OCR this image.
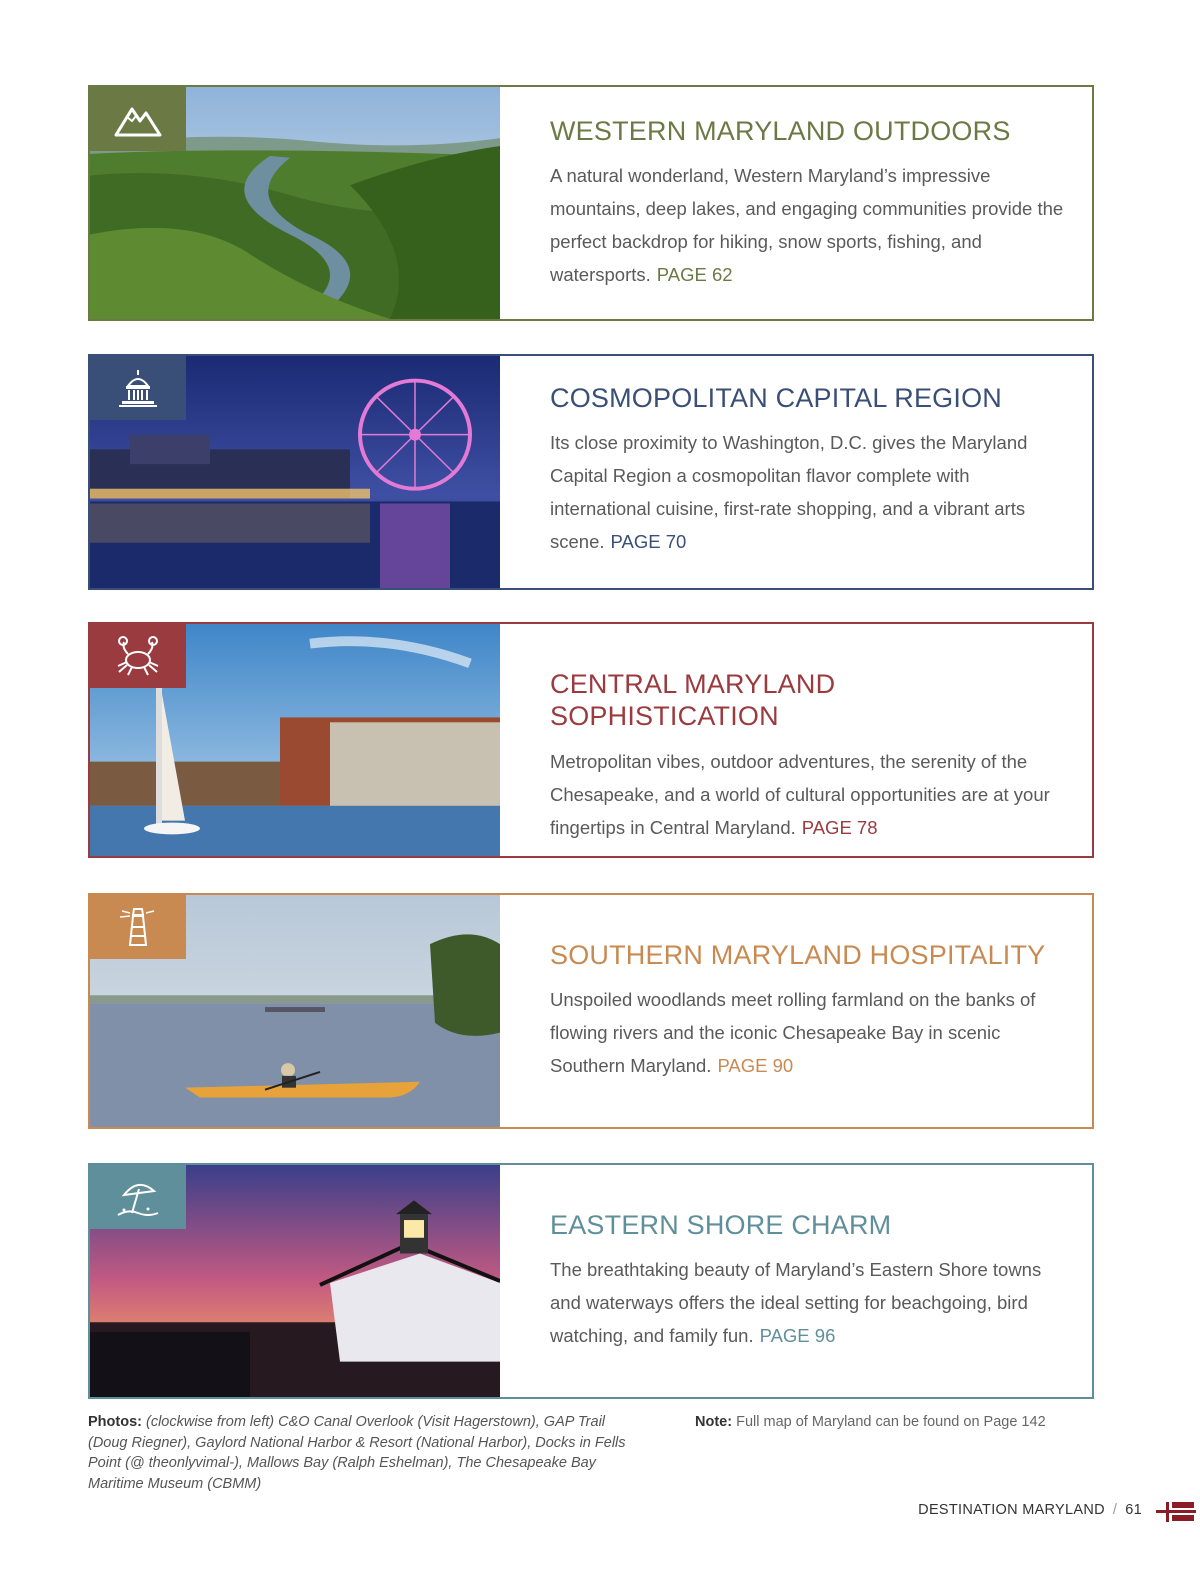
WESTERN MARYLAND OUTDOORS
A natural wonderland, Western Maryland’s impressive mountains, deep lakes, and engaging communities provide the perfect backdrop for hiking, snow sports, fishing, and watersports. PAGE 62
COSMOPOLITAN CAPITAL REGION
Its close proximity to Washington, D.C. gives the Maryland Capital Region a cosmopolitan flavor complete with international cuisine, first-rate shopping, and a vibrant arts scene. PAGE 70
CENTRAL MARYLAND SOPHISTICATION
Metropolitan vibes, outdoor adventures, the serenity of the Chesapeake, and a world of cultural opportunities are at your fingertips in Central Maryland. PAGE 78
SOUTHERN MARYLAND HOSPITALITY
Unspoiled woodlands meet rolling farmland on the banks of flowing rivers and the iconic Chesapeake Bay in scenic Southern Maryland. PAGE 90
EASTERN SHORE CHARM
The breathtaking beauty of Maryland’s Eastern Shore towns and waterways offers the ideal setting for beachgoing, bird watching, and family fun. PAGE 96
Photos: (clockwise from left) C&O Canal Overlook (Visit Hagerstown), GAP Trail (Doug Riegner), Gaylord National Harbor & Resort (National Harbor), Docks in Fells Point (@ theonlyvimal-), Mallows Bay (Ralph Eshelman), The Chesapeake Bay Maritime Museum (CBMM)
Note: Full map of Maryland can be found on Page 142
DESTINATION MARYLAND / 61
